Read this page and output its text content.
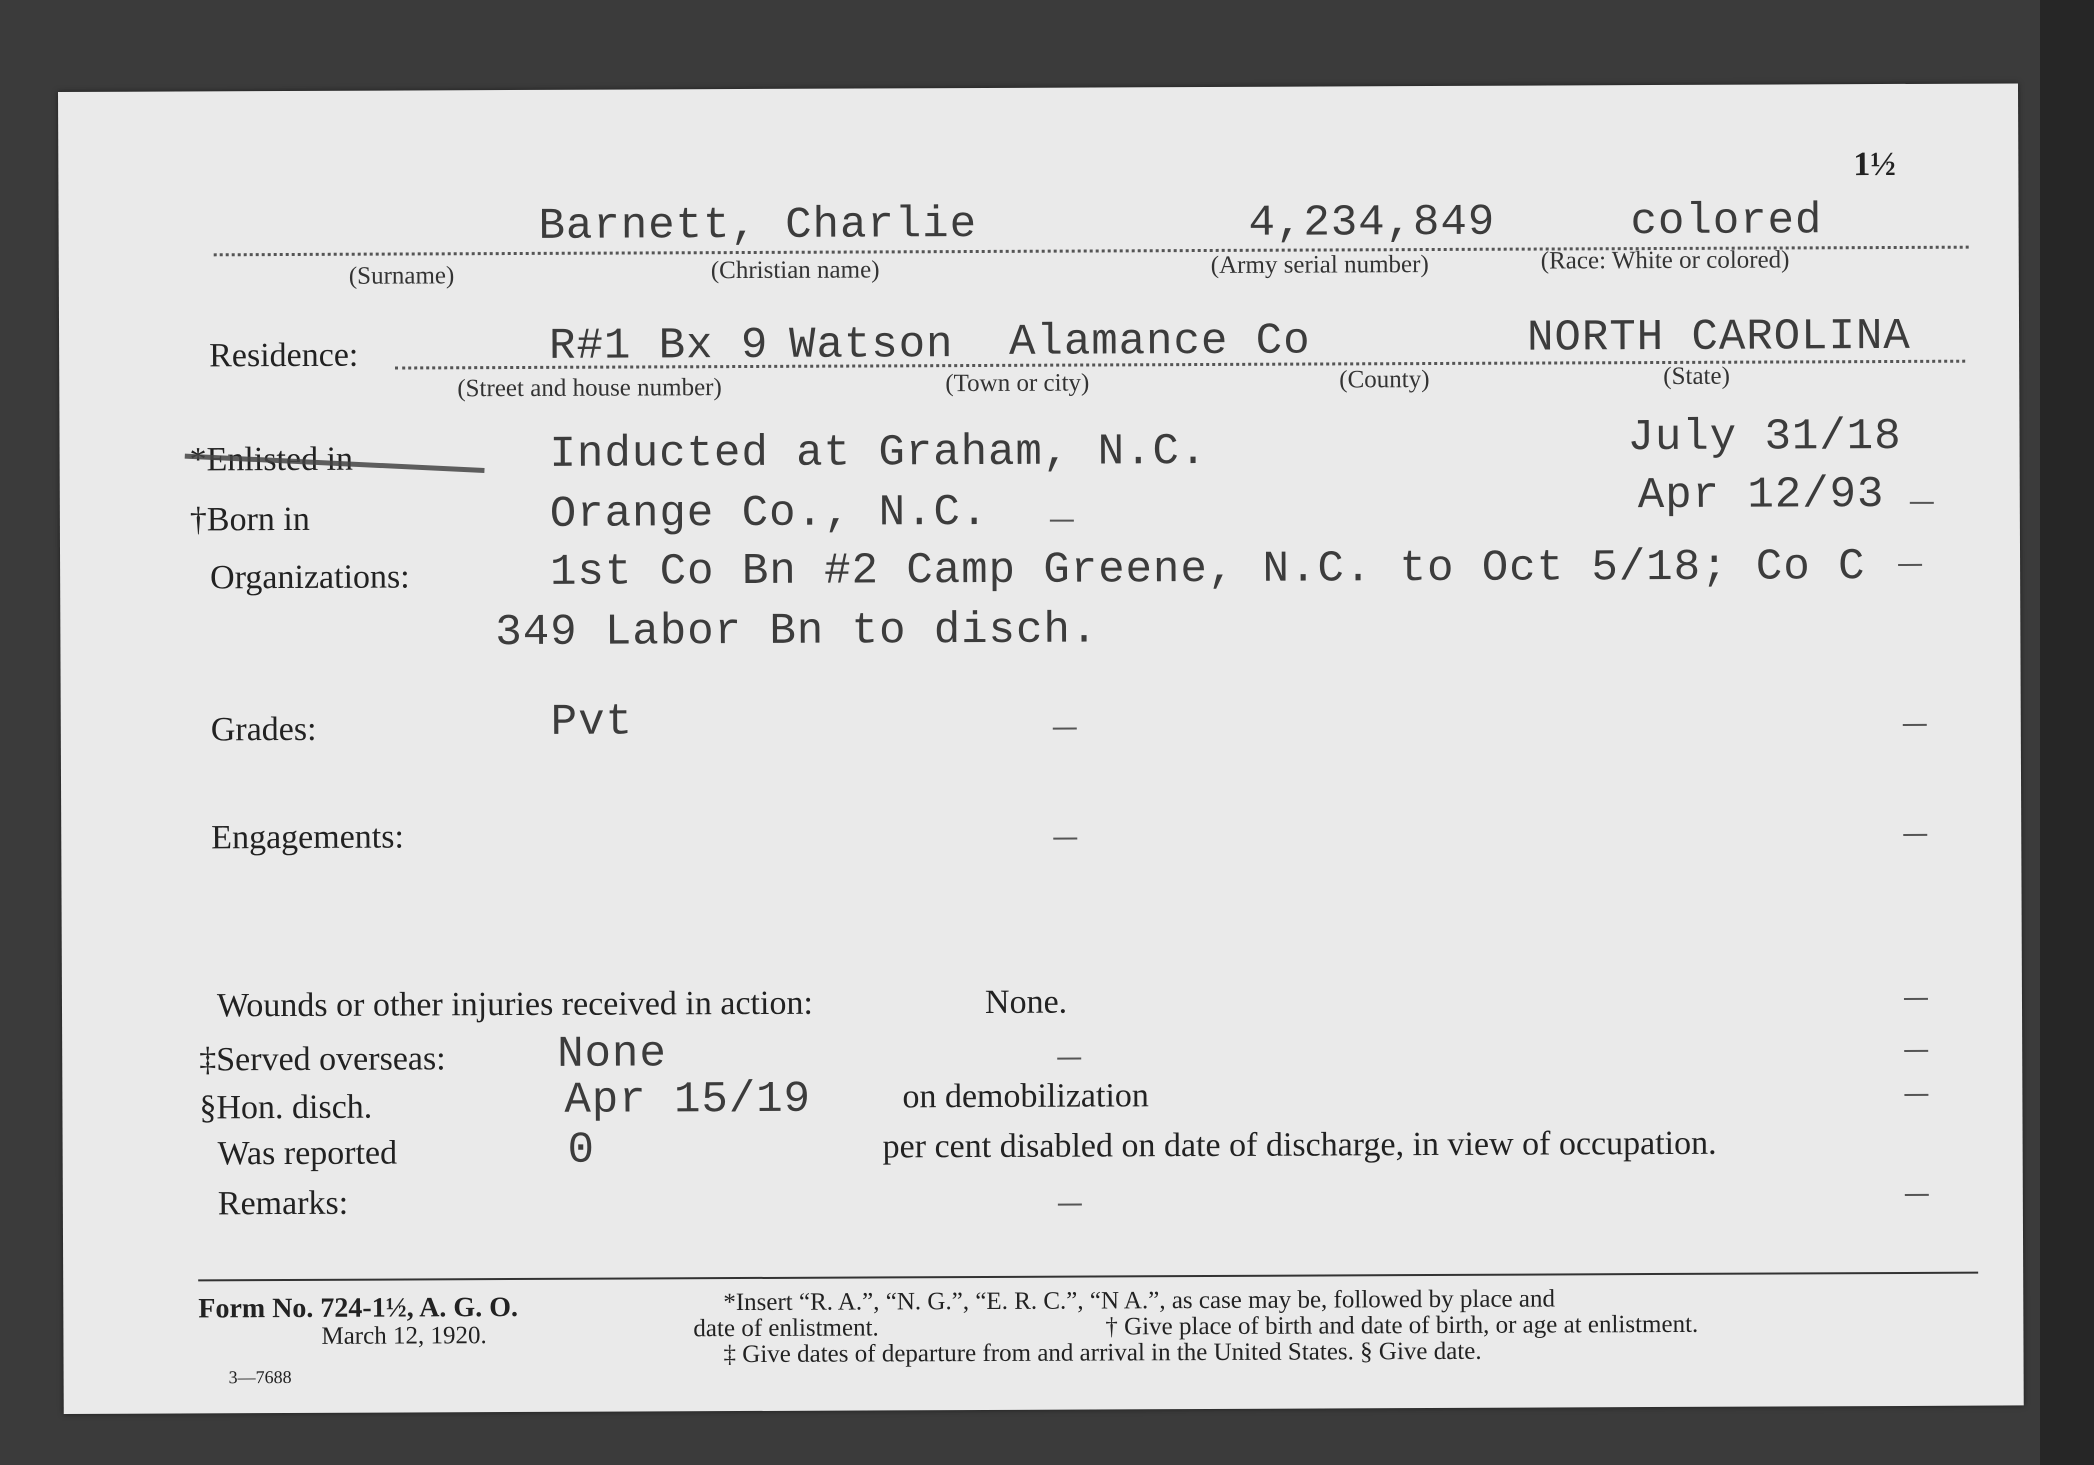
1½
Barnett, Charlie	4,234,849	colored
(Surname)	(Christian name)	(Army serial number)	(Race: White or colored)
Residence:	R#1 Bx 9 Watson Alamance Co	NORTH CAROLINA
(Street and house number)	(Town or city)	(County)	(State)
*Enlisted in	Inducted at Graham, N.C.	July 31/18
†Born in	Orange Co., N.C.	Apr 12/93
Organizations:	1st Co Bn #2 Camp Greene, N.C. to Oct 5/18; Co C
349 Labor Bn to disch.
Grades:	Pvt
Engagements:
Wounds or other injuries received in action:	None.
‡Served overseas:	None
§Hon. disch.	Apr 15/19	on demobilization
Was reported	0	per cent disabled on date of discharge, in view of occupation.
Remarks:
Form No. 724-1½, A. G. O.
March 12, 1920.
3—7688
*Insert “R. A.”, “N. G.”, “E. R. C.”, “N A.”, as case may be, followed by place and
date of enlistment.	† Give place of birth and date of birth, or age at enlistment.
‡ Give dates of departure from and arrival in the United States. § Give date.
